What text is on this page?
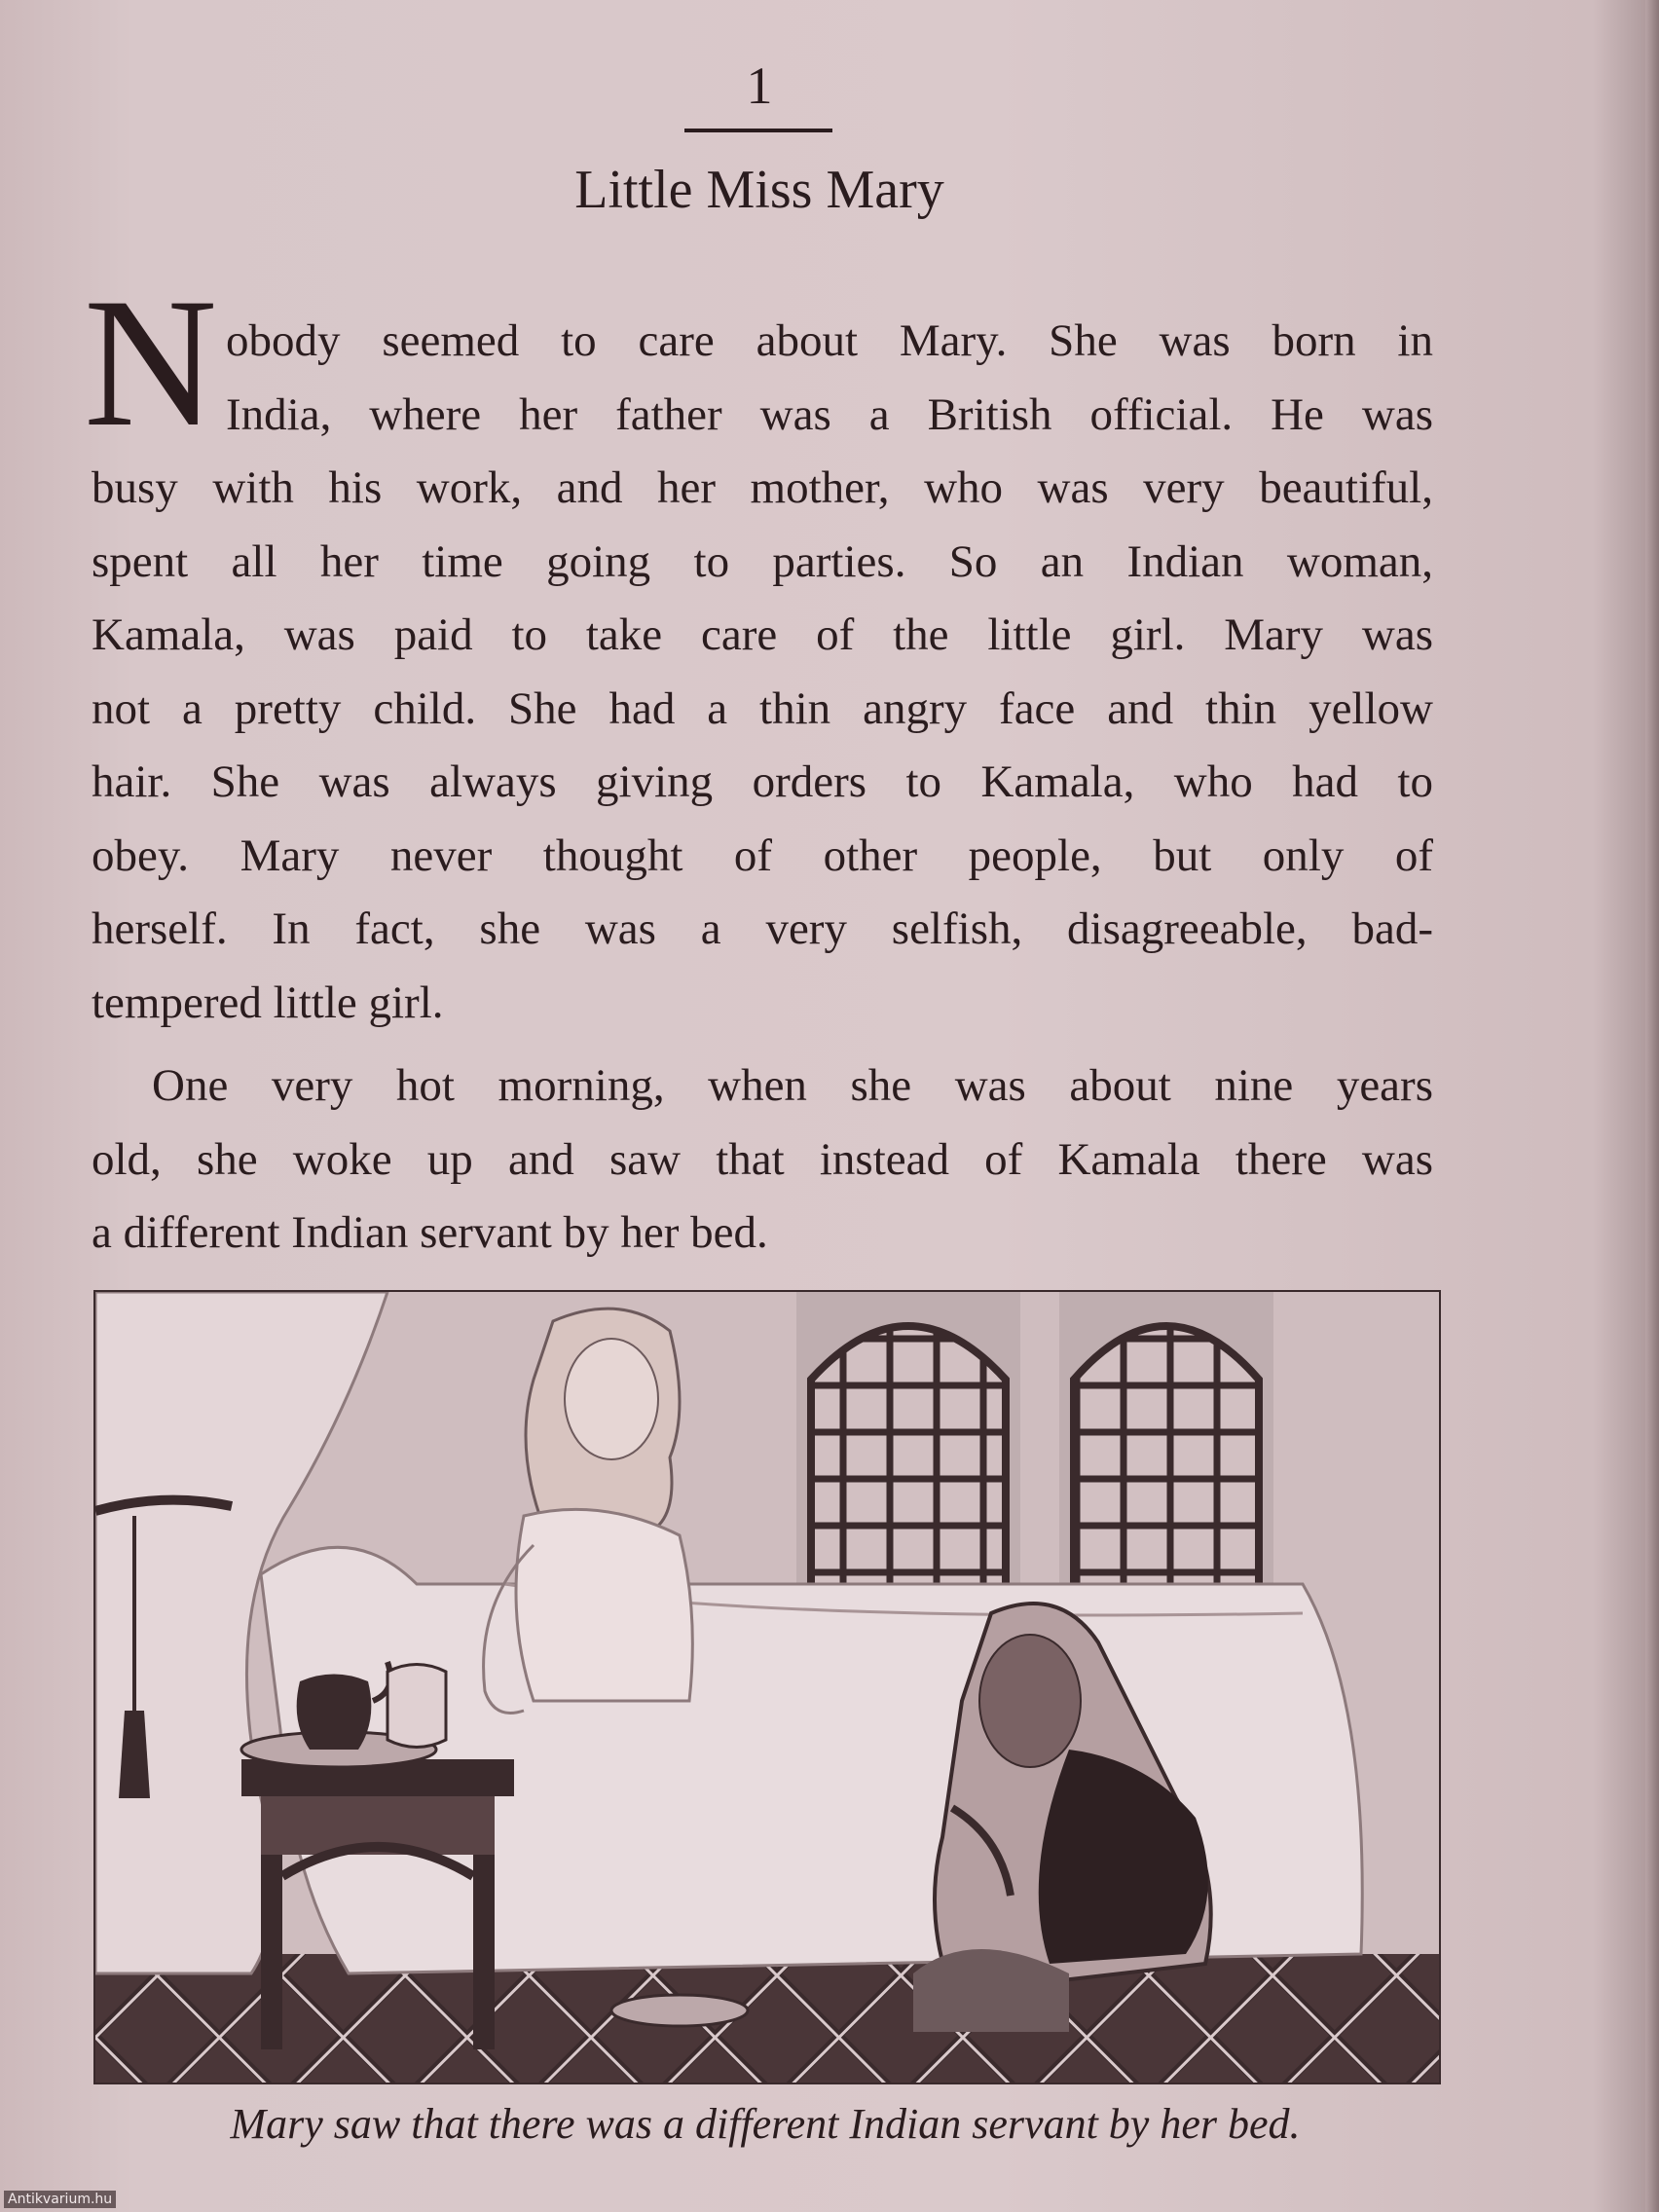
1
Little Miss Mary
N obody seemed to care about Mary. She was born in
India, where her father was a British official. He was
busy with his work, and her mother, who was very beautiful,
spent all her time going to parties. So an Indian woman,
Kamala, was paid to take care of the little girl. Mary was
not a pretty child. She had a thin angry face and thin yellow
hair. She was always giving orders to Kamala, who had to
obey. Mary never thought of other people, but only of
herself. In fact, she was a very selfish, disagreeable, bad-
tempered little girl.
One very hot morning, when she was about nine years
old, she woke up and saw that instead of Kamala there was
a different Indian servant by her bed.
Mary saw that there was a different Indian servant by her bed.
Antikvarium.hu
